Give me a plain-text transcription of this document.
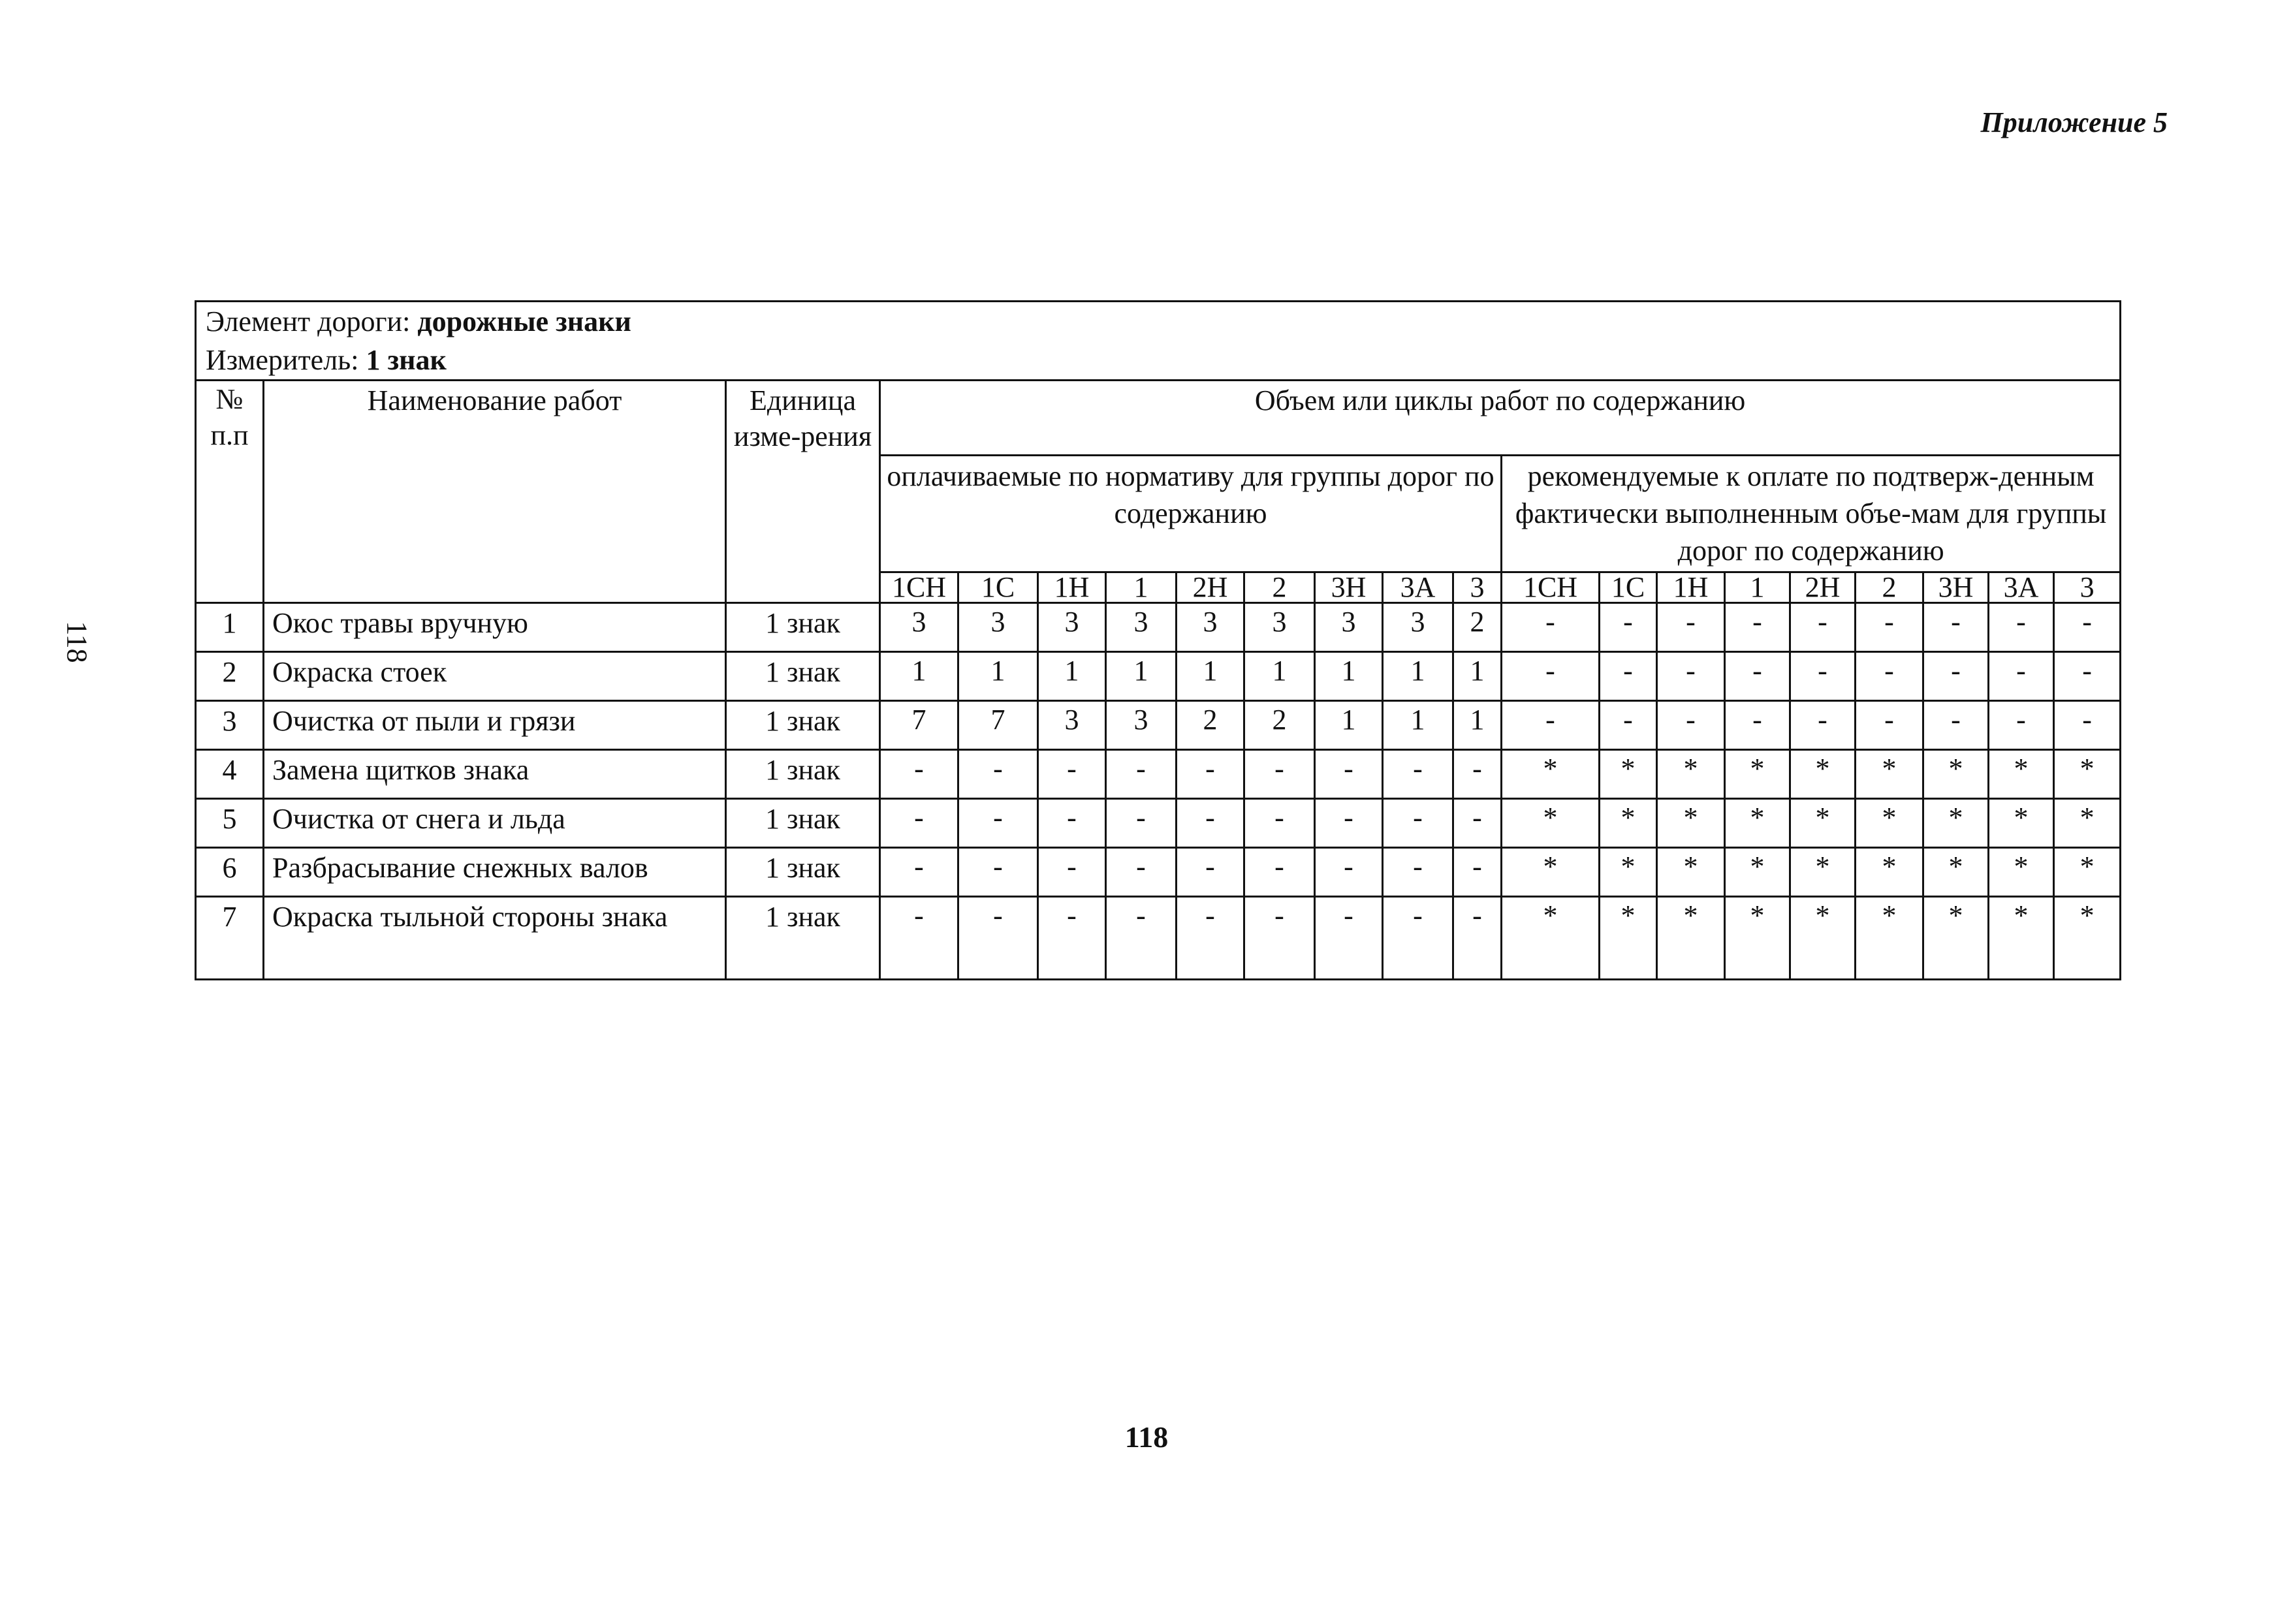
Приложение 5
118
Элемент дороги: дорожные знаки																				
Измеритель: 1 знак																				
№ п.п	Наименование работ	Единица изме-рения	Объем или циклы работ по содержанию																	
			оплачиваемые по нормативу для группы дорог по содержанию									рекомендуемые к оплате по подтверж-денным фактически выполненным объе-мам для группы дорог по содержанию								
			1СН	1С	1Н	1	2Н	2	3Н	3А	3	1СН	1С	1Н	1	2Н	2	3Н	3А	3
1	Окос травы вручную	1 знак	3	3	3	3	3	3	3	3	2	-	-	-	-	-	-	-	-	-
2	Окраска стоек	1 знак	1	1	1	1	1	1	1	1	1	-	-	-	-	-	-	-	-	-
3	Очистка от пыли и грязи	1 знак	7	7	3	3	2	2	1	1	1	-	-	-	-	-	-	-	-	-
4	Замена щитков знака	1 знак	-	-	-	-	-	-	-	-	-	*	*	*	*	*	*	*	*	*
5	Очистка от снега и льда	1 знак	-	-	-	-	-	-	-	-	-	*	*	*	*	*	*	*	*	*
6	Разбрасывание снежных валов	1 знак	-	-	-	-	-	-	-	-	-	*	*	*	*	*	*	*	*	*
7	Окраска тыльной стороны знака	1 знак	-	-	-	-	-	-	-	-	-	*	*	*	*	*	*	*	*	*
118
